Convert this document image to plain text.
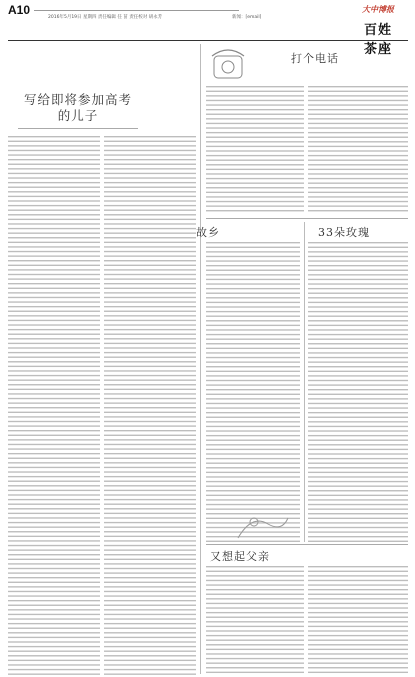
A10
2016年5月19日 星期四 责任编辑 任 苗 责任校对 胡永芳	新闻：[email]
大中博报
百姓
茶座
写给即将参加高考的儿子
打个电话
故乡	33朵玫瑰
又想起父亲
